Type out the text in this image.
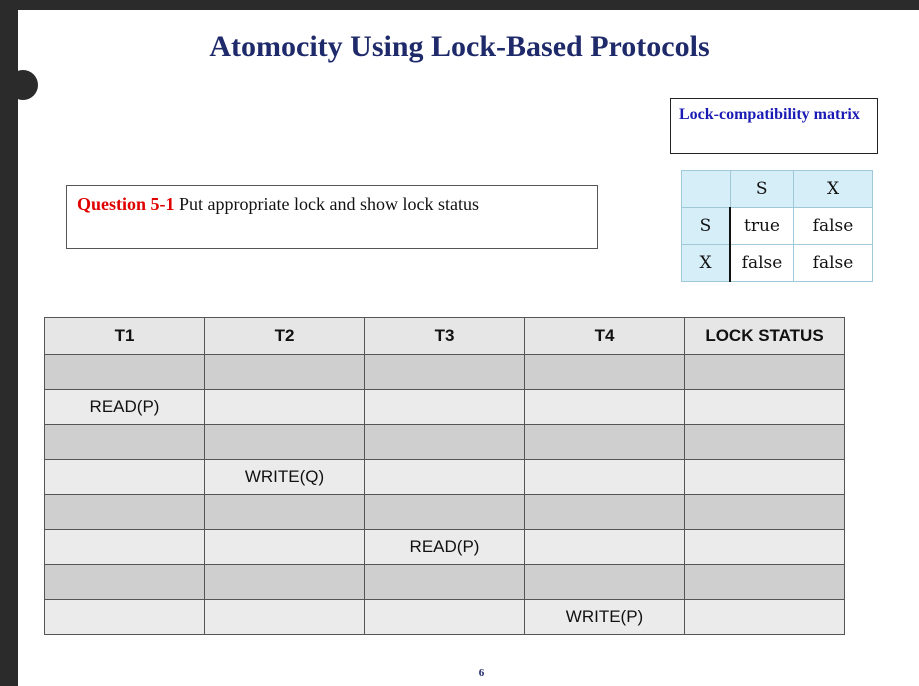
Atomocity Using Lock-Based Protocols
Lock-compatibility matrix
	S	X
S	true	false
X	false	false
Question 5-1 Put appropriate lock and show lock status
T1	T2	T3	T4	LOCK STATUS

READ(P)				

	WRITE(Q)			

		READ(P)		

			WRITE(P)	
6
